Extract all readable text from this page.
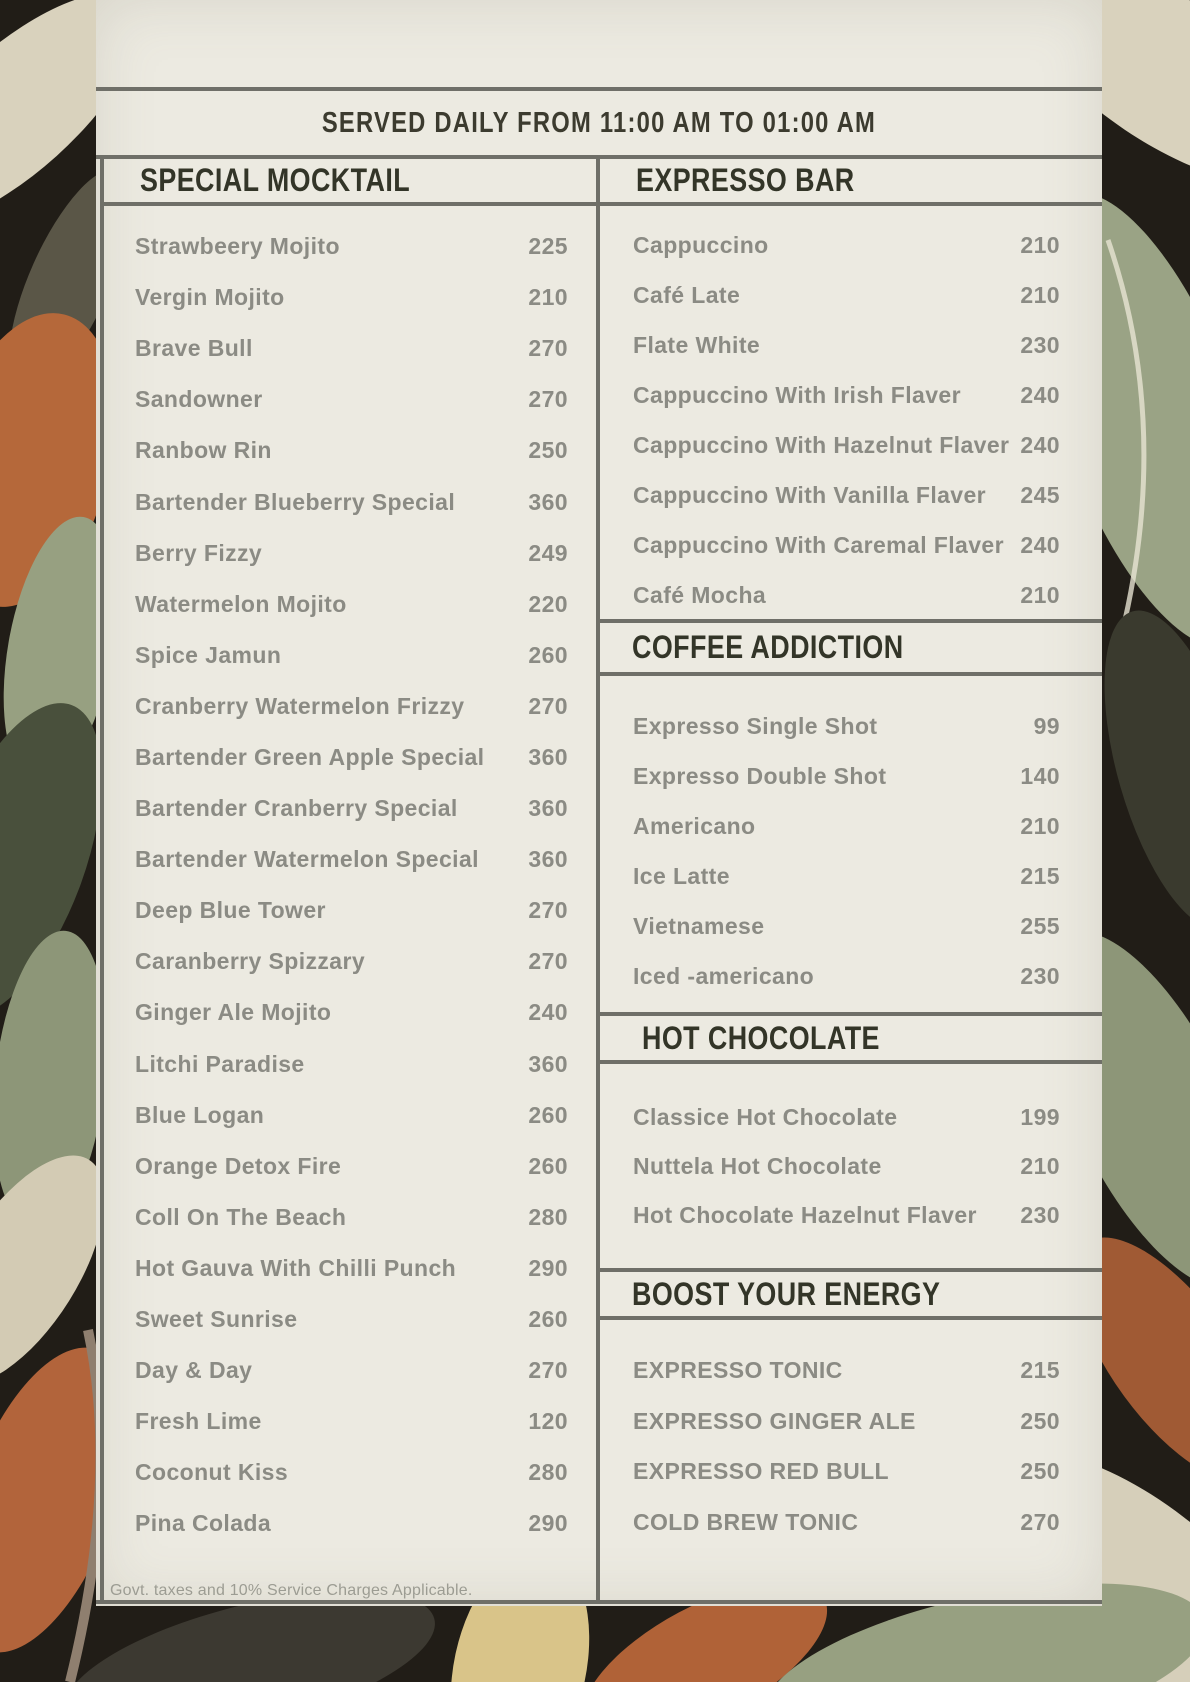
SERVED DAILY FROM 11:00 AM TO 01:00 AM
SPECIAL MOCKTAIL	EXPRESSO BAR
COFFEE ADDICTION
HOT CHOCOLATE
BOOST YOUR ENERGY
Strawbeery Mojito	225
Vergin Mojito	210
Brave Bull	270
Sandowner	270
Ranbow Rin	250
Bartender Blueberry Special	360
Berry Fizzy	249
Watermelon Mojito	220
Spice Jamun	260
Cranberry Watermelon Frizzy	270
Bartender Green Apple Special 360
Bartender Cranberry Special	360
Bartender Watermelon Special 360
Deep Blue Tower	270
Caranberry Spizzary	270
Ginger Ale Mojito	240
Litchi Paradise	360
Blue Logan	260
Orange Detox Fire	260
Coll On The Beach	280
Hot Gauva With Chilli Punch	290
Sweet Sunrise	260
Day & Day	270
Fresh Lime	120
Coconut Kiss	280
Pina Colada	290
Cappuccino	210
Café Late	210
Flate White	230
Cappuccino With Irish Flaver	240
Cappuccino With Hazelnut Flaver 240
Cappuccino With Vanilla Flaver 245
Cappuccino With Caremal Flaver 240
Café Mocha	210
Expresso Single Shot	99
Expresso Double Shot	140
Americano	210
Ice Latte	215
Vietnamese	255
Iced -americano	230
Classice Hot Chocolate	199
Nuttela Hot Chocolate	210
Hot Chocolate Hazelnut Flaver 230
EXPRESSO TONIC	215
EXPRESSO GINGER ALE	250
EXPRESSO RED BULL	250
COLD BREW TONIC	270
Govt. taxes and 10% Service Charges Applicable.
